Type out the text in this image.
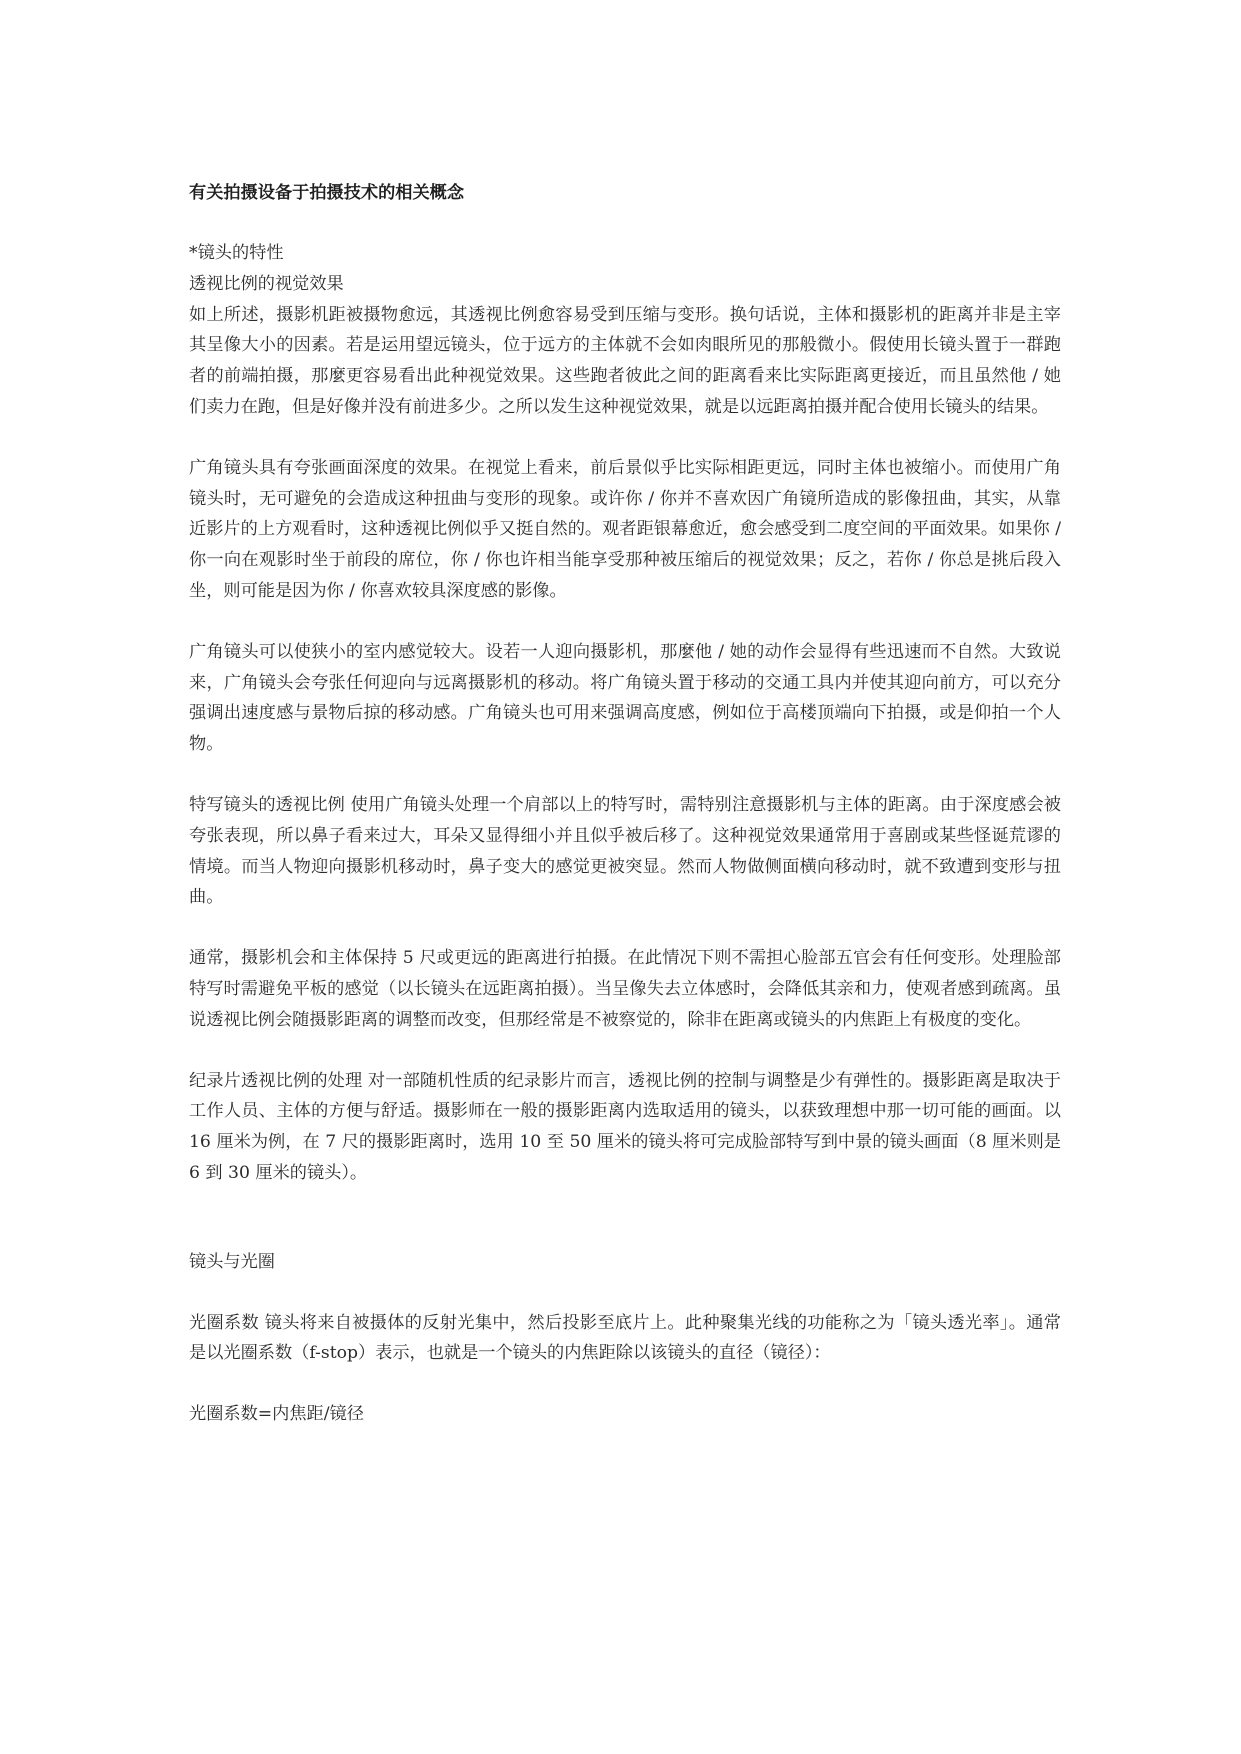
有关拍摄设备于拍摄技术的相关概念
*镜头的特性
透视比例的视觉效果

如上所述，摄影机距被摄物愈远，其透视比例愈容易受到压缩与变形。换句话说，主体和摄影机的距离并非是主宰其呈像大小的因素。若是运用望远镜头，位于远方的主体就不会如肉眼所见的那般微小。假使用长镜头置于一群跑者的前端拍摄，那麼更容易看出此种视觉效果。这些跑者彼此之间的距离看来比实际距离更接近，而且虽然他 / 她们卖力在跑，但是好像并没有前进多少。之所以发生这种视觉效果，就是以远距离拍摄并配合使用长镜头的结果。

广角镜头具有夸张画面深度的效果。在视觉上看来，前后景似乎比实际相距更远，同时主体也被缩小。而使用广角镜头时，无可避免的会造成这种扭曲与变形的现象。或许你 / 你并不喜欢因广角镜所造成的影像扭曲，其实，从靠近影片的上方观看时，这种透视比例似乎又挺自然的。观者距银幕愈近，愈会感受到二度空间的平面效果。如果你 / 你一向在观影时坐于前段的席位，你 / 你也许相当能享受那种被压缩后的视觉效果；反之，若你 / 你总是挑后段入坐，则可能是因为你 / 你喜欢较具深度感的影像。

广角镜头可以使狭小的室内感觉较大。设若一人迎向摄影机，那麼他 / 她的动作会显得有些迅速而不自然。大致说来，广角镜头会夸张任何迎向与远离摄影机的移动。将广角镜头置于移动的交通工具内并使其迎向前方，可以充分强调出速度感与景物后掠的移动感。广角镜头也可用来强调高度感，例如位于高楼顶端向下拍摄，或是仰拍一个人物。

特写镜头的透视比例 使用广角镜头处理一个肩部以上的特写时，需特别注意摄影机与主体的距离。由于深度感会被夸张表现，所以鼻子看来过大，耳朵又显得细小并且似乎被后移了。这种视觉效果通常用于喜剧或某些怪诞荒谬的情境。而当人物迎向摄影机移动时，鼻子变大的感觉更被突显。然而人物做侧面横向移动时，就不致遭到变形与扭曲。

通常，摄影机会和主体保持 5 尺或更远的距离进行拍摄。在此情况下则不需担心脸部五官会有任何变形。处理脸部特写时需避免平板的感觉（以长镜头在远距离拍摄）。当呈像失去立体感时，会降低其亲和力，使观者感到疏离。虽说透视比例会随摄影距离的调整而改变，但那经常是不被察觉的，除非在距离或镜头的内焦距上有极度的变化。

纪录片透视比例的处理 对一部随机性质的纪录影片而言，透视比例的控制与调整是少有弹性的。摄影距离是取决于工作人员、主体的方便与舒适。摄影师在一般的摄影距离内选取适用的镜头，以获致理想中那一切可能的画面。以 16 厘米为例，在 7 尺的摄影距离时，选用 10 至 50 厘米的镜头将可完成脸部特写到中景的镜头画面（8 厘米则是 6 到 30 厘米的镜头）。

镜头与光圈

光圈系数 镜头将来自被摄体的反射光集中，然后投影至底片上。此种聚集光线的功能称之为「镜头透光率」。通常是以光圈系数（f-stop）表示，也就是一个镜头的内焦距除以该镜头的直径（镜径）：

光圈系数=内焦距/镜径
